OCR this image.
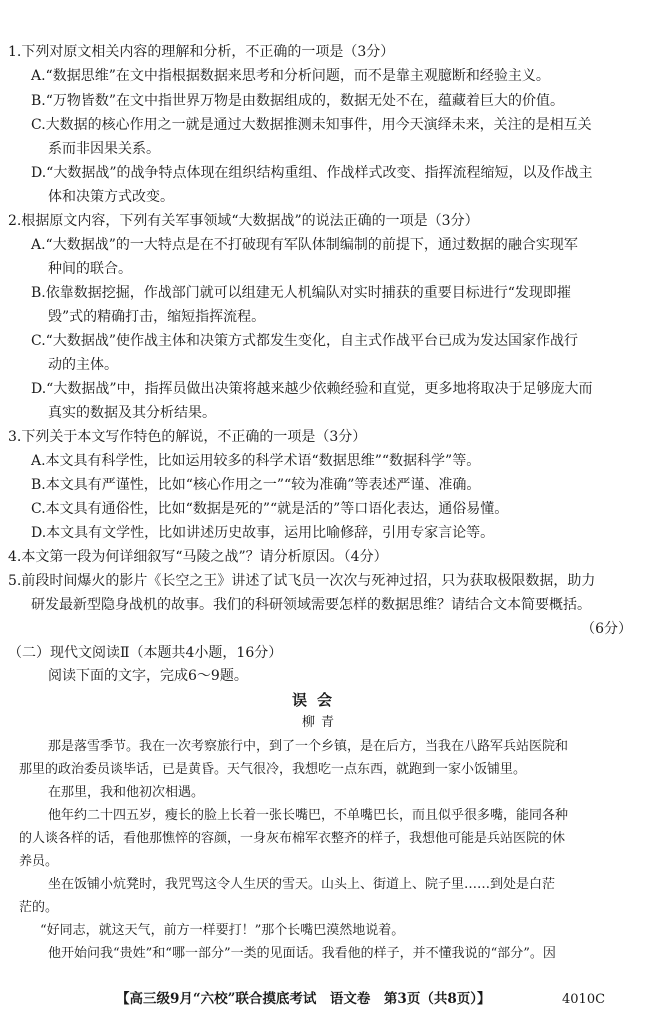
1.下列对原文相关内容的理解和分析，不正确的一项是（3分）
A.“数据思维”在文中指根据数据来思考和分析问题，而不是靠主观臆断和经验主义。
B.“万物皆数”在文中指世界万物是由数据组成的，数据无处不在，蕴藏着巨大的价值。
C.大数据的核心作用之一就是通过大数据推测未知事件，用今天演绎未来，关注的是相互关
系而非因果关系。
D.“大数据战”的战争特点体现在组织结构重组、作战样式改变、指挥流程缩短，以及作战主
体和决策方式改变。
2.根据原文内容，下列有关军事领域“大数据战”的说法正确的一项是（3分）
A.“大数据战”的一大特点是在不打破现有军队体制编制的前提下，通过数据的融合实现军
种间的联合。
B.依靠数据挖掘，作战部门就可以组建无人机编队对实时捕获的重要目标进行“发现即摧
毁”式的精确打击，缩短指挥流程。
C.“大数据战”使作战主体和决策方式都发生变化，自主式作战平台已成为发达国家作战行
动的主体。
D.“大数据战”中，指挥员做出决策将越来越少依赖经验和直觉，更多地将取决于足够庞大而
真实的数据及其分析结果。
3.下列关于本文写作特色的解说，不正确的一项是（3分）
A.本文具有科学性，比如运用较多的科学术语“数据思维”“数据科学”等。
B.本文具有严谨性，比如“核心作用之一”“较为准确”等表述严谨、准确。
C.本文具有通俗性，比如“数据是死的”“就是活的”等口语化表达，通俗易懂。
D.本文具有文学性，比如讲述历史故事，运用比喻修辞，引用专家言论等。
4.本文第一段为何详细叙写“马陵之战”？请分析原因。（4分）
5.前段时间爆火的影片《长空之王》讲述了试飞员一次次与死神过招，只为获取极限数据，助力
研发最新型隐身战机的故事。我们的科研领域需要怎样的数据思维？请结合文本简要概括。
（6分）
（二）现代文阅读Ⅱ（本题共4小题，16分）
阅读下面的文字，完成6～9题。
误会
柳青
那是落雪季节。我在一次考察旅行中，到了一个乡镇，是在后方，当我在八路军兵站医院和
那里的政治委员谈毕话，已是黄昏。天气很冷，我想吃一点东西，就跑到一家小饭铺里。
在那里，我和他初次相遇。
他年约二十四五岁，瘦长的脸上长着一张长嘴巴，不单嘴巴长，而且似乎很多嘴，能同各种
的人谈各样的话，看他那憔悴的容颜，一身灰布棉军衣整齐的样子，我想他可能是兵站医院的休
养员。
坐在饭铺小炕凳时，我咒骂这令人生厌的雪天。山头上、街道上、院子里……到处是白茫
茫的。
“好同志，就这天气，前方一样要打！”那个长嘴巴漠然地说着。
他开始问我“贵姓”和“哪一部分”一类的见面话。我看他的样子，并不懂我说的“部分”。因
【高三级9月“六校”联合摸底考试　语文卷　第3页（共8页）】	4010C
